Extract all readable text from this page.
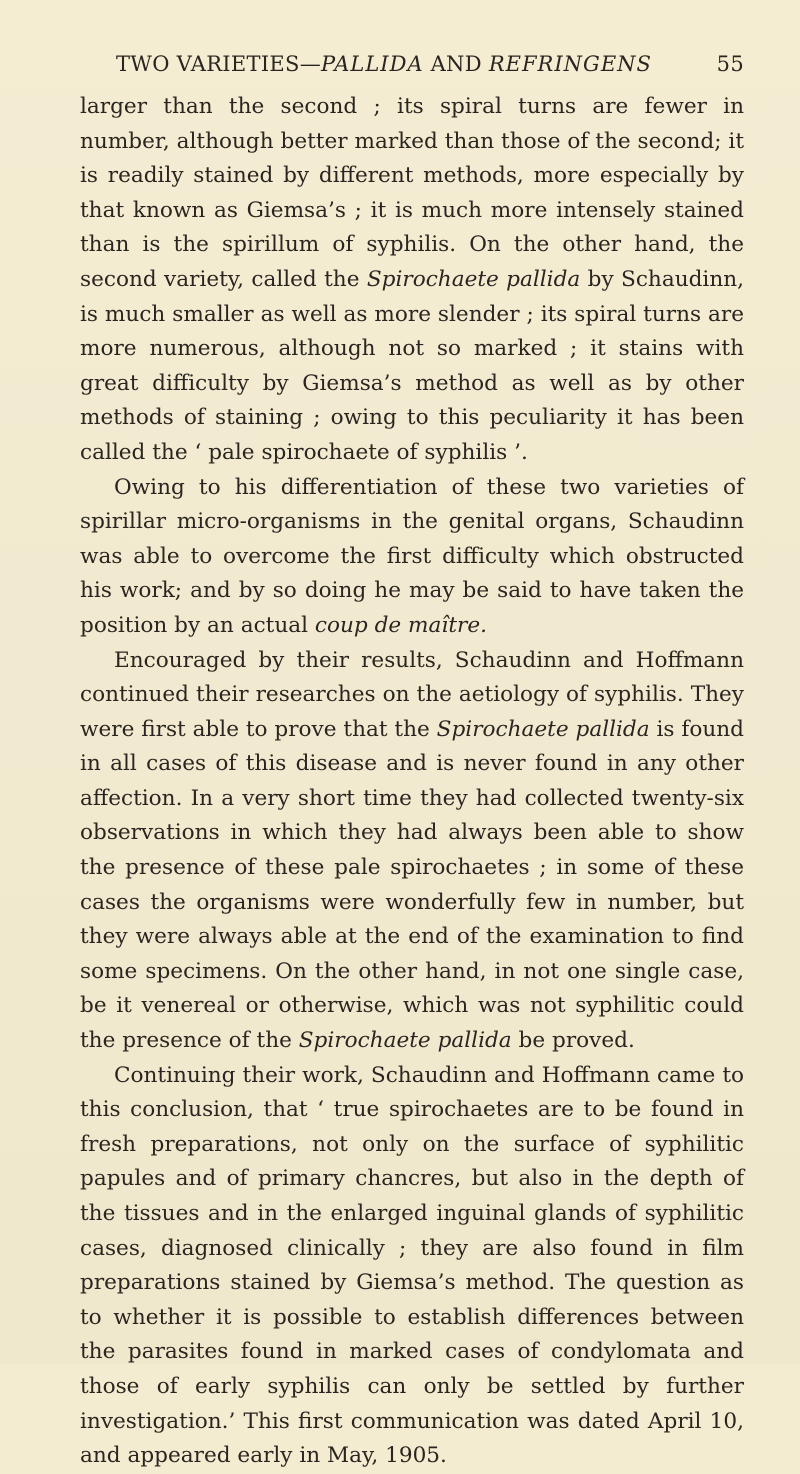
TWO VARIETIES—PALLIDA AND REFRINGENS	55

larger than the second ; its spiral turns are fewer in number, although better marked than those of the second; it is readily stained by different methods, more especially by that known as Giemsa’s ; it is much more intensely stained than is the spirillum of syphilis. On the other hand, the second variety, called the Spirochaete pallida by Schaudinn, is much smaller as well as more slender ; its spiral turns are more numerous, although not so marked ; it stains with great difficulty by Giemsa’s method as well as by other methods of staining ; owing to this peculiarity it has been called the ‘ pale spirochaete of syphilis ’.

Owing to his differentiation of these two varieties of spirillar micro-organisms in the genital organs, Schaudinn was able to overcome the first difficulty which obstructed his work; and by so doing he may be said to have taken the position by an actual coup de maître.

Encouraged by their results, Schaudinn and Hoffmann continued their researches on the aetiology of syphilis. They were first able to prove that the Spirochaete pallida is found in all cases of this disease and is never found in any other affection. In a very short time they had collected twenty-six observations in which they had always been able to show the presence of these pale spirochaetes ; in some of these cases the organisms were wonderfully few in number, but they were always able at the end of the examination to find some specimens. On the other hand, in not one single case, be it venereal or otherwise, which was not syphilitic could the presence of the Spirochaete pallida be proved.

Continuing their work, Schaudinn and Hoffmann came to this conclusion, that ‘ true spirochaetes are to be found in fresh preparations, not only on the surface of syphilitic papules and of primary chancres, but also in the depth of the tissues and in the enlarged inguinal glands of syphilitic cases, diagnosed clinically ; they are also found in film preparations stained by Giemsa’s method. The question as to whether it is possible to establish differences between the parasites found in marked cases of condylomata and those of early syphilis can only be settled by further investigation.’ This first communication was dated April 10, and appeared early in May, 1905.
